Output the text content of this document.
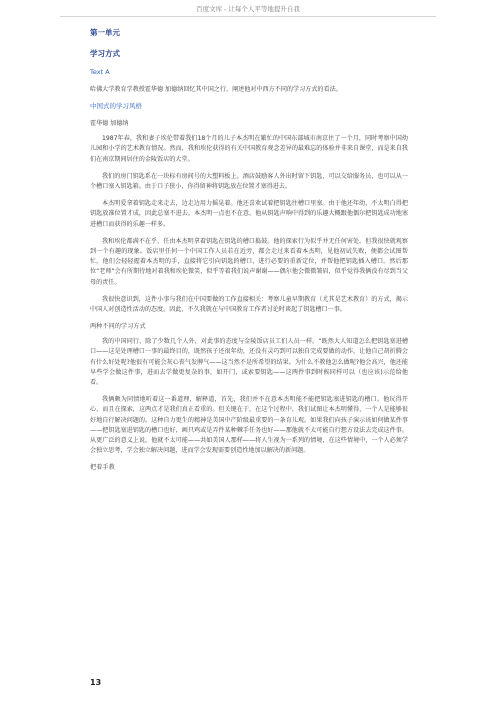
百度文库 - 让每个人平等地提升自我
第一单元
学习方式
Text A
哈佛大学教育学教授霍华德 加德纳回忆其中国之行，阐述他对中西方不同的学习方式的看法。
中国式的学习风格
霍华德 加德纳
1987年春，我和妻子埃伦带着我们18个月的儿子本杰明在繁忙的中国东部城市南京住了一个月，同时考察中国幼儿园和小学的艺术教育情况。然而，我和埃伦获得的有关中国教育观念差异的最难忘的体验并非来自课堂，而是来自我们在南京期间居住的金陵饭店的大堂。
我们的房门钥匙系在一块标有房间号的大塑料板上。酒店鼓励客人外出时留下钥匙，可以交给服务员，也可以从一个槽口塞入钥匙箱。由于口子狭小，你得留神将钥匙放在位置才塞得进去。
本杰明爱拿着钥匙走来走去，边走边用力摇晃着。他还喜欢试着把钥匙往槽口里塞。由于他还年幼，不太明白得把钥匙放准位置才成，因此总塞不进去。本杰明一点也不在意，他从钥匙声响中得到的乐趣大概跟他偶尔把钥匙成功地塞进槽口而获得的乐趣一样多。
我和埃伦都满不在乎，任由本杰明拿着钥匙在钥匙的槽口捣鼓。他的探索行为似乎并无任何害处。但我很快就观察到一个有趣的现象。饭店里任何一个中国工作人员若在近旁，都会走过来看着本杰明，见他初试失败，便都会试图帮忙。他们会轻轻握着本杰明的手，直接将它引向钥匙的槽口，进行必要的重新定位，并帮他把钥匙插入槽口。然后那位“老师”会有所期待地对着我和埃伦微笑，似乎等着我们说声谢谢——偶尔他会微微皱眉，似乎觉得我俩没有尽到当父母的责任。
我很快意识到，这件小事与我们在中国要做的工作直接相关：考察儿童早期教育（尤其是艺术教育）的方式，揭示中国人对创造性活动的态度。因此，不久我就在与中国教育工作者讨论时谈起了钥匙槽口一事。
两种不同的学习方式
我的中国同行，除了少数几个人外，对此事的态度与金陵饭店员工们人员一样。“既然大人知道怎么把钥匙塞进槽口——这是处理槽口一事的最终目的，既然孩子还很年幼，还没有灵巧到可以独自完成要做的动作，让他自己胡折腾会有什么好处呢?他很有可能会灰心丧气发脾气——这当然不是所希望的结果。为什么不教他怎么做呢?他会高兴，他还能早些学会做这件事，进而去学做更复杂的事，如开门，或索要钥匙——这两件事到时候同样可以（也应该)示范给他看。
我俩颇为同情地听着这一番道理，解释道，首先，我们并不在意本杰明能不能把钥匙塞进钥匙的槽口。他玩得开心，而且在探索，这两点才是我们真正看重的。但关键在于，在这个过程中，我们试图让本杰明懂得，一个人是能够很好地自行解决问题的。这种自力更生的精神是美国中产阶级最重要的一条育儿观。如果我们向孩子演示该如何做某件事——把钥匙塞进钥匙的槽口也好，画只鸡或是弄件某种棘手任务也好——那他就不太可能自行想方设法去完成这件事。从更广泛的意义上说，他就不太可能——共如美国人那样——将人生视为一系列的情境，在这些情境中，一个人必须学会独立思考，学会独立解决问题，进而学会发现需要创造性地加以解决的新问题。
把着手教
13
